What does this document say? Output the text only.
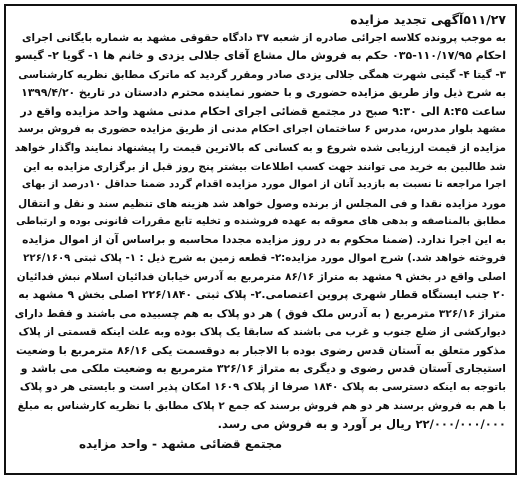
۵۱۱/۲۷آگهی تجدید مزایده
به موجب پرونده کلاسه اجرائی صادره از شعبه ۳۷ دادگاه حقوقی مشهد به شماره بایگانی اجرای
احکام ۱۱۰/۱۷/۹۵-۰۳۵ حکم به فروش مال مشاع آقای جلالی یزدی و خانم ها ۱- گویا ۲- گیسو
۳- گیتا ۴- گیتی شهرت همگی جلالی یزدی صادر ومقرر گردید که ماترک مطابق نظریه کارشناسی
به شرح ذیل واز طریق مزایده حضوری و با حضور نماینده محترم دادستان در تاریخ ۱۳۹۹/۴/۲۰
ساعت ۸:۴۵ الی ۹:۳۰ صبح در مجتمع قضائی اجرای احکام مدنی مشهد واحد مزایده واقع در
مشهد بلوار مدرس، مدرس ۶ ساختمان اجرای احکام مدنی از طریق مزایده حضوری به فروش برسد
مزایده از قیمت ارزیابی شده شروع و به کسانی که بالاترین قیمت را پیشنهاد نمایند واگذار خواهد
شد طالبین به خرید می توانند جهت کسب اطلاعات بیشتر پنج روز قبل از برگزاری مزایده به این
اجرا مراجعه تا نسبت به بازدید آنان از اموال مورد مزایده اقدام گردد ضمنا حداقل ۱۰درصد از بهای
مورد مزایده نقدا و فی المجلس از برنده وصول خواهد شد هزینه های تنظیم سند و نقل و انتقال
مطابق بالمناصفه و بدهی های معوقه به عهده فروشنده و تخلیه تابع مقررات قانونی بوده و ارتباطی
به این اجرا ندارد. (ضمنا محکوم به در روز مزایده مجددا محاسبه و براساس آن از اموال مزایده
فروخته خواهد شد.) شرح اموال مورد مزایده:۲- قطعه زمین به شرح ذیل : ۱- پلاک ثبتی ۲۲۶/۱۶۰۹
اصلی واقع در بخش ۹ مشهد به متراژ ۸۶/۱۶ مترمربع به آدرس خیابان فدائیان اسلام نبش فدائیان
۲۰ جنب ایستگاه قطار شهری پروین اعتصامی.۲- پلاک ثبتی ۲۲۶/۱۸۴۰ اصلی بخش ۹ مشهد به
متراژ ۳۲۶/۱۶ مترمربع ( به آدرس ملک فوق ) هر دو پلاک به هم چسبیده می باشند و فقط دارای
دیوارکشی از ضلع جنوب و غرب می باشند که سابقا یک پلاک بوده وبه علت اینکه قسمتی از پلاک
مذکور متعلق به آستان قدس رضوی بوده با الاجبار به دوقسمت یکی ۸۶/۱۶ مترمربع با وضعیت
استیجاری آستان قدس رضوی و دیگری به متراژ ۳۲۶/۱۶ مترمربع به وضعیت ملکی می باشد و
باتوجه به اینکه دسترسی به پلاک ۱۸۴۰ صرفا از پلاک ۱۶۰۹ امکان پذیر است و بایستی هر دو پلاک
با هم به فروش برسند هر دو هم فروش برسند که جمع ۲ پلاک مطابق با نظریه کارشناس به مبلغ
۲۲/۰۰۰/۰۰۰/۰۰۰ ریال بر آورد و به فروش می رسد.
مجتمع قضائی مشهد - واحد مزایده
